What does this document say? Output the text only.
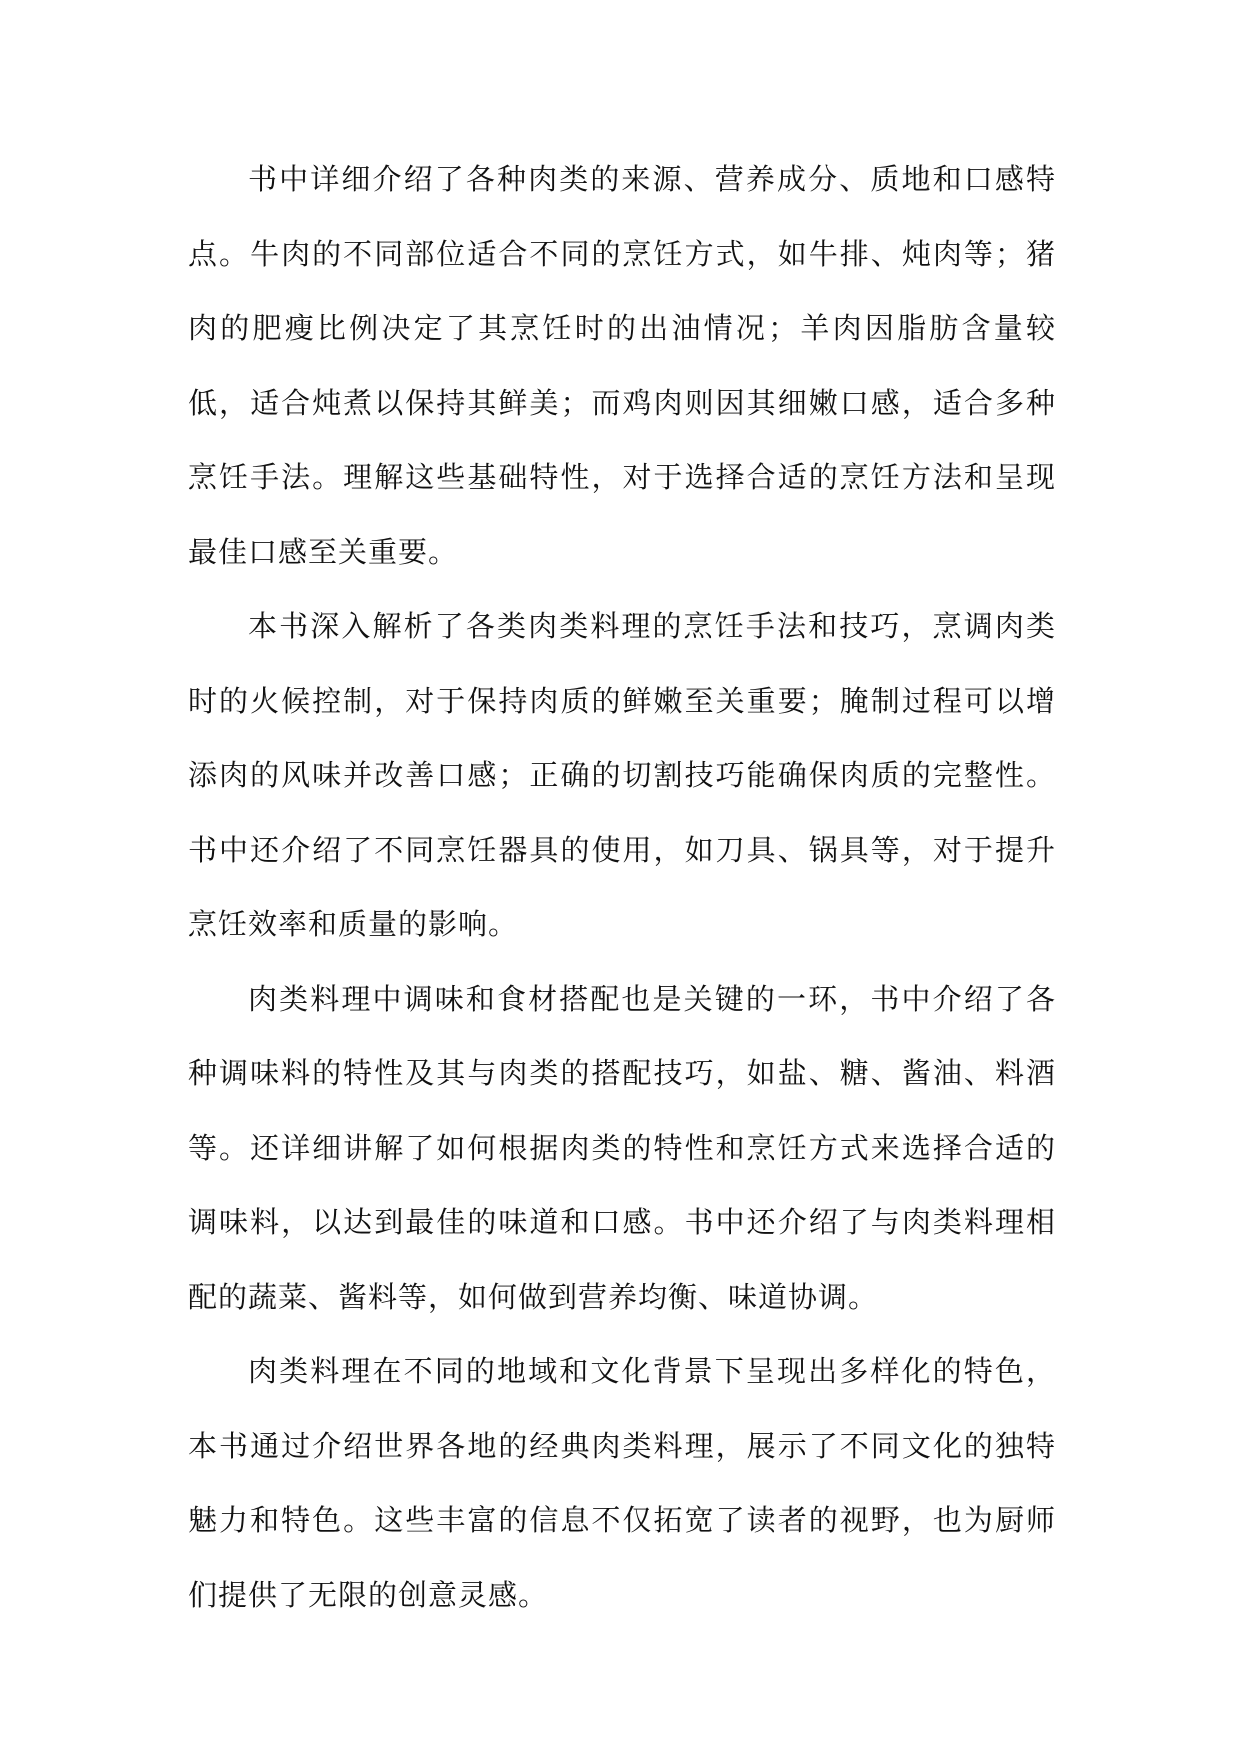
书中详细介绍了各种肉类的来源、营养成分、质地和口感特点。牛肉的不同部位适合不同的烹饪方式，如牛排、炖肉等；猪肉的肥瘦比例决定了其烹饪时的出油情况；羊肉因脂肪含量较低，适合炖煮以保持其鲜美；而鸡肉则因其细嫩口感，适合多种烹饪手法。理解这些基础特性，对于选择合适的烹饪方法和呈现最佳口感至关重要。

本书深入解析了各类肉类料理的烹饪手法和技巧，烹调肉类时的火候控制，对于保持肉质的鲜嫩至关重要；腌制过程可以增添肉的风味并改善口感；正确的切割技巧能确保肉质的完整性。书中还介绍了不同烹饪器具的使用，如刀具、锅具等，对于提升烹饪效率和质量的影响。

肉类料理中调味和食材搭配也是关键的一环，书中介绍了各种调味料的特性及其与肉类的搭配技巧，如盐、糖、酱油、料酒等。还详细讲解了如何根据肉类的特性和烹饪方式来选择合适的调味料，以达到最佳的味道和口感。书中还介绍了与肉类料理相配的蔬菜、酱料等，如何做到营养均衡、味道协调。

肉类料理在不同的地域和文化背景下呈现出多样化的特色，本书通过介绍世界各地的经典肉类料理，展示了不同文化的独特魅力和特色。这些丰富的信息不仅拓宽了读者的视野，也为厨师们提供了无限的创意灵感。
